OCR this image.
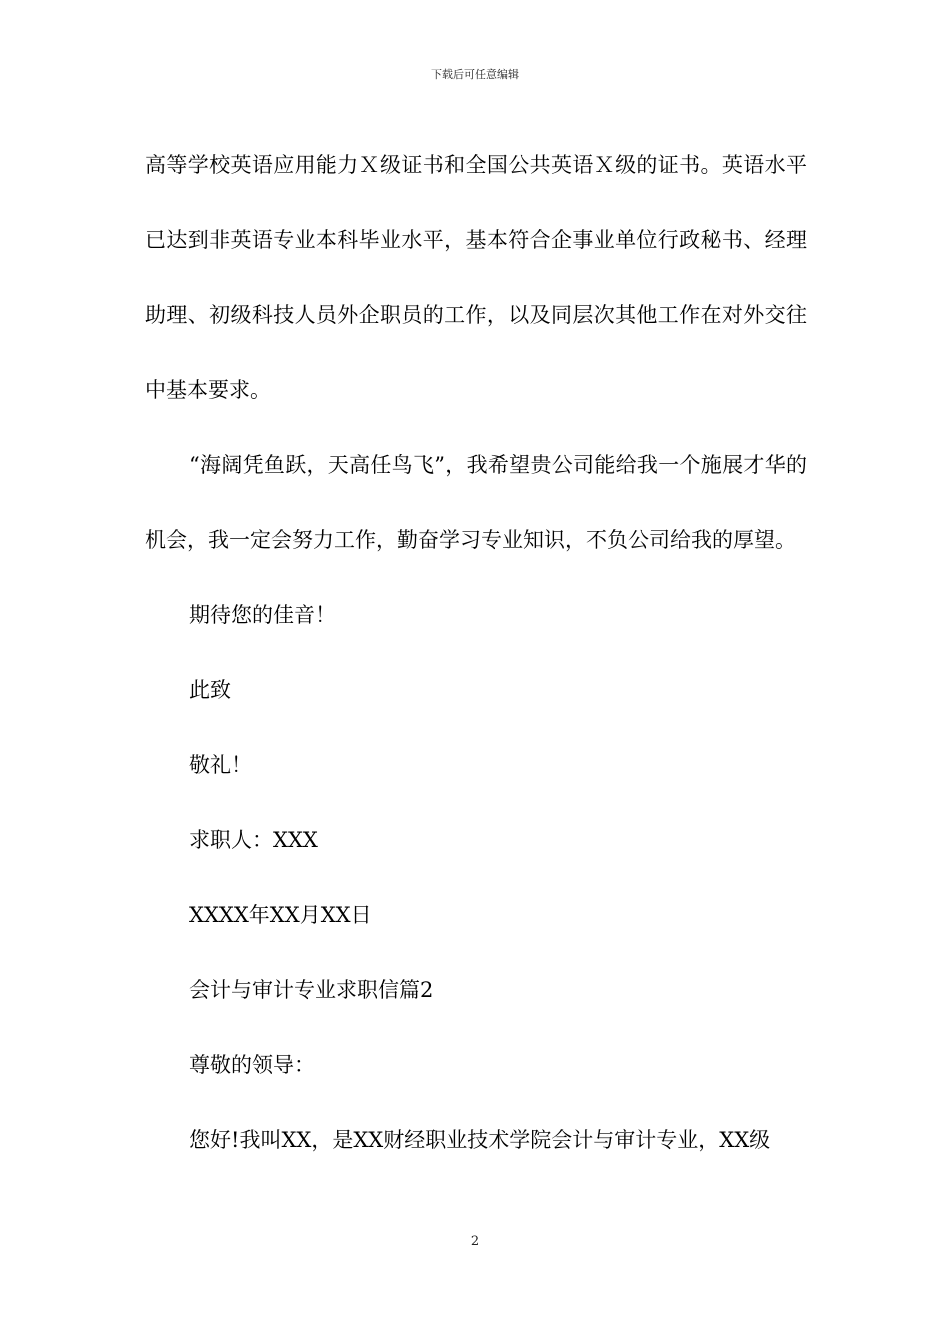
下载后可任意编辑

高等学校英语应用能力Ｘ级证书和全国公共英语Ｘ级的证书。英语水平已达到非英语专业本科毕业水平，基本符合企事业单位行政秘书、经理助理、初级科技人员外企职员的工作，以及同层次其他工作在对外交往中基本要求。

“海阔凭鱼跃，天高任鸟飞”，我希望贵公司能给我一个施展才华的机会，我一定会努力工作，勤奋学习专业知识，不负公司给我的厚望。

期待您的佳音！

此致

敬礼！

求职人：XXX

XXXX年XX月XX日

会计与审计专业求职信篇2

尊敬的领导：

您好!我叫XX，是XX财经职业技术学院会计与审计专业，XX级

2
